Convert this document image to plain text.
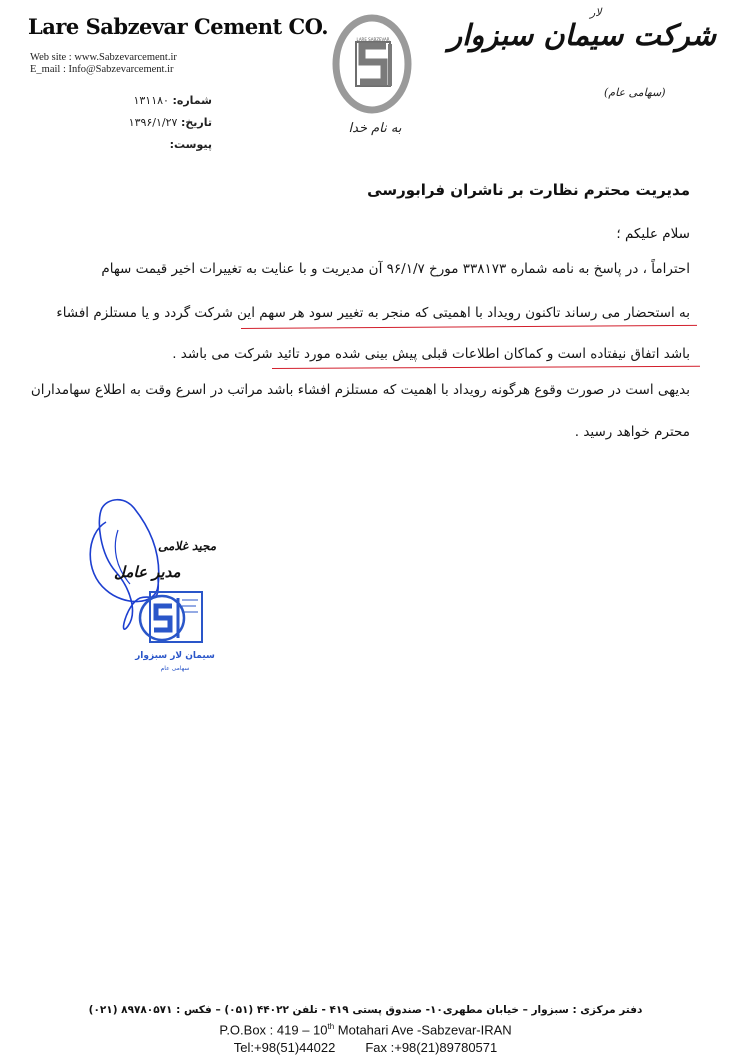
Lare Sabzevar Cement CO.
Web site : www.Sabzevarcement.ir
E_mail : Info@Sabzevarcement.ir
LARE SABZEVAR
به نام خدا
لار
شرکت سیمان سبزوار
(سهامی عام)
شماره: ۱۳۱۱۸۰
تاریخ: ۱۳۹۶/۱/۲۷
پیوست:
مدیریت محترم نظارت بر ناشران فرابورسی
سلام علیکم ؛
احتراماً ، در پاسخ به نامه شماره ۳۳۸۱۷۳ مورخ ۹۶/۱/۷ آن مدیریت و با عنایت به تغییرات اخیر قیمت سهام
به استحضار می رساند تاکنون رویداد با اهمیتی که منجر به تغییر سود هر سهم این شرکت گردد و یا مستلزم افشاء
باشد اتفاق نیفتاده است و کماکان اطلاعات قبلی پیش بینی شده مورد تائید شرکت می باشد .
بدیهی است در صورت وقوع هرگونه رویداد با اهمیت که مستلزم افشاء باشد مراتب در اسرع وقت به اطلاع سهامداران
محترم خواهد رسید .
مجید غلامی
مدیر عامل
سیمان لار سبزوار
سهامی عام
دفتر مرکزی : سبزوار – خیابان مطهری۱۰- صندوق پستی ۴۱۹ - تلفن ۴۴۰۲۲ (۰۵۱) – فکس : ۸۹۷۸۰۵۷۱ (۰۲۱)
P.O.Box : 419 – 10th Motahari Ave -Sabzevar-IRAN
Tel:+98(51)44022 Fax :+98(21)89780571
